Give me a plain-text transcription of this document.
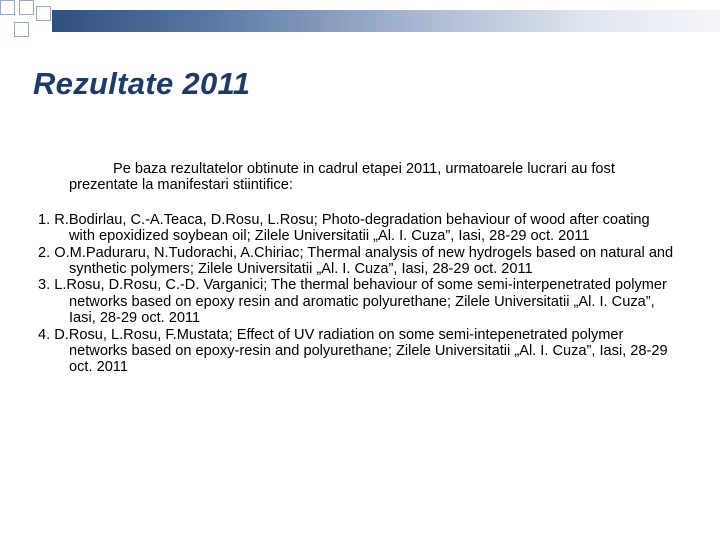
Rezultate 2011

Pe baza rezultatelor obtinute in cadrul etapei 2011, urmatoarele lucrari au fost prezentate la manifestari stiintifice:

1. R.Bodirlau, C.-A.Teaca, D.Rosu, L.Rosu; Photo-degradation behaviour of wood after coating with epoxidized soybean oil; Zilele Universitatii „Al. I. Cuza”, Iasi, 28-29 oct. 2011

2. O.M.Paduraru, N.Tudorachi, A.Chiriac; Thermal analysis of new hydrogels based on natural and synthetic polymers; Zilele Universitatii „Al. I. Cuza”, Iasi, 28-29 oct. 2011

3. L.Rosu, D.Rosu, C.-D. Varganici; The thermal behaviour of some semi-interpenetrated polymer networks based on epoxy resin and aromatic polyurethane; Zilele Universitatii „Al. I. Cuza”, Iasi, 28-29 oct. 2011

4. D.Rosu, L.Rosu, F.Mustata; Effect of UV radiation on some semi-intepenetrated polymer networks based on epoxy-resin and polyurethane; Zilele Universitatii „Al. I. Cuza”, Iasi, 28-29 oct. 2011
